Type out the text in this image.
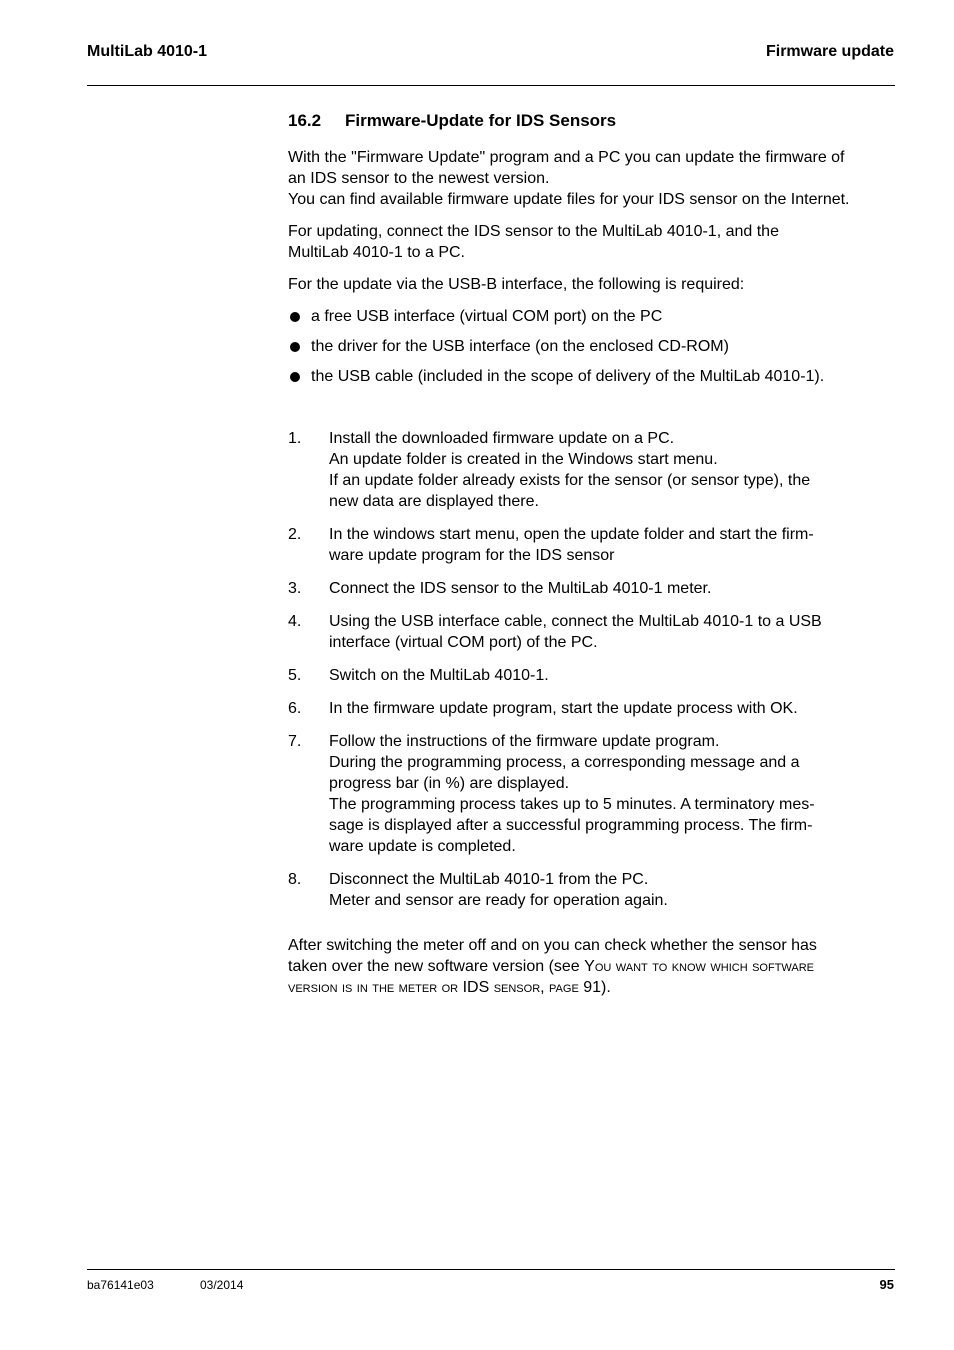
MultiLab 4010-1	Firmware update
16.2	Firmware-Update for IDS Sensors

With the "Firmware Update" program and a PC you can update the firmware of
an IDS sensor to the newest version.
You can find available firmware update files for your IDS sensor on the Internet.

For updating, connect the IDS sensor to the MultiLab 4010-1, and the
MultiLab 4010-1 to a PC.

For the update via the USB-B interface, the following is required:

a free USB interface (virtual COM port) on the PC
the driver for the USB interface (on the enclosed CD-ROM)
the USB cable (included in the scope of delivery of the MultiLab 4010-1).
1. Install the downloaded firmware update on a PC.
An update folder is created in the Windows start menu.
If an update folder already exists for the sensor (or sensor type), the
new data are displayed there.
2. In the windows start menu, open the update folder and start the firm-
ware update program for the IDS sensor
3. Connect the IDS sensor to the MultiLab 4010-1 meter.
4. Using the USB interface cable, connect the MultiLab 4010-1 to a USB
interface (virtual COM port) of the PC.
5. Switch on the MultiLab 4010-1.
6. In the firmware update program, start the update process with OK.
7. Follow the instructions of the firmware update program.
During the programming process, a corresponding message and a
progress bar (in %) are displayed.
The programming process takes up to 5 minutes. A terminatory mes-
sage is displayed after a successful programming process. The firm-
ware update is completed.
8. Disconnect the MultiLab 4010-1 from the PC.
Meter and sensor are ready for operation again.

After switching the meter off and on you can check whether the sensor has
taken over the new software version (see You want to know which software
version is in the meter or IDS sensor, page 91).

ba76141e03	03/2014	95
